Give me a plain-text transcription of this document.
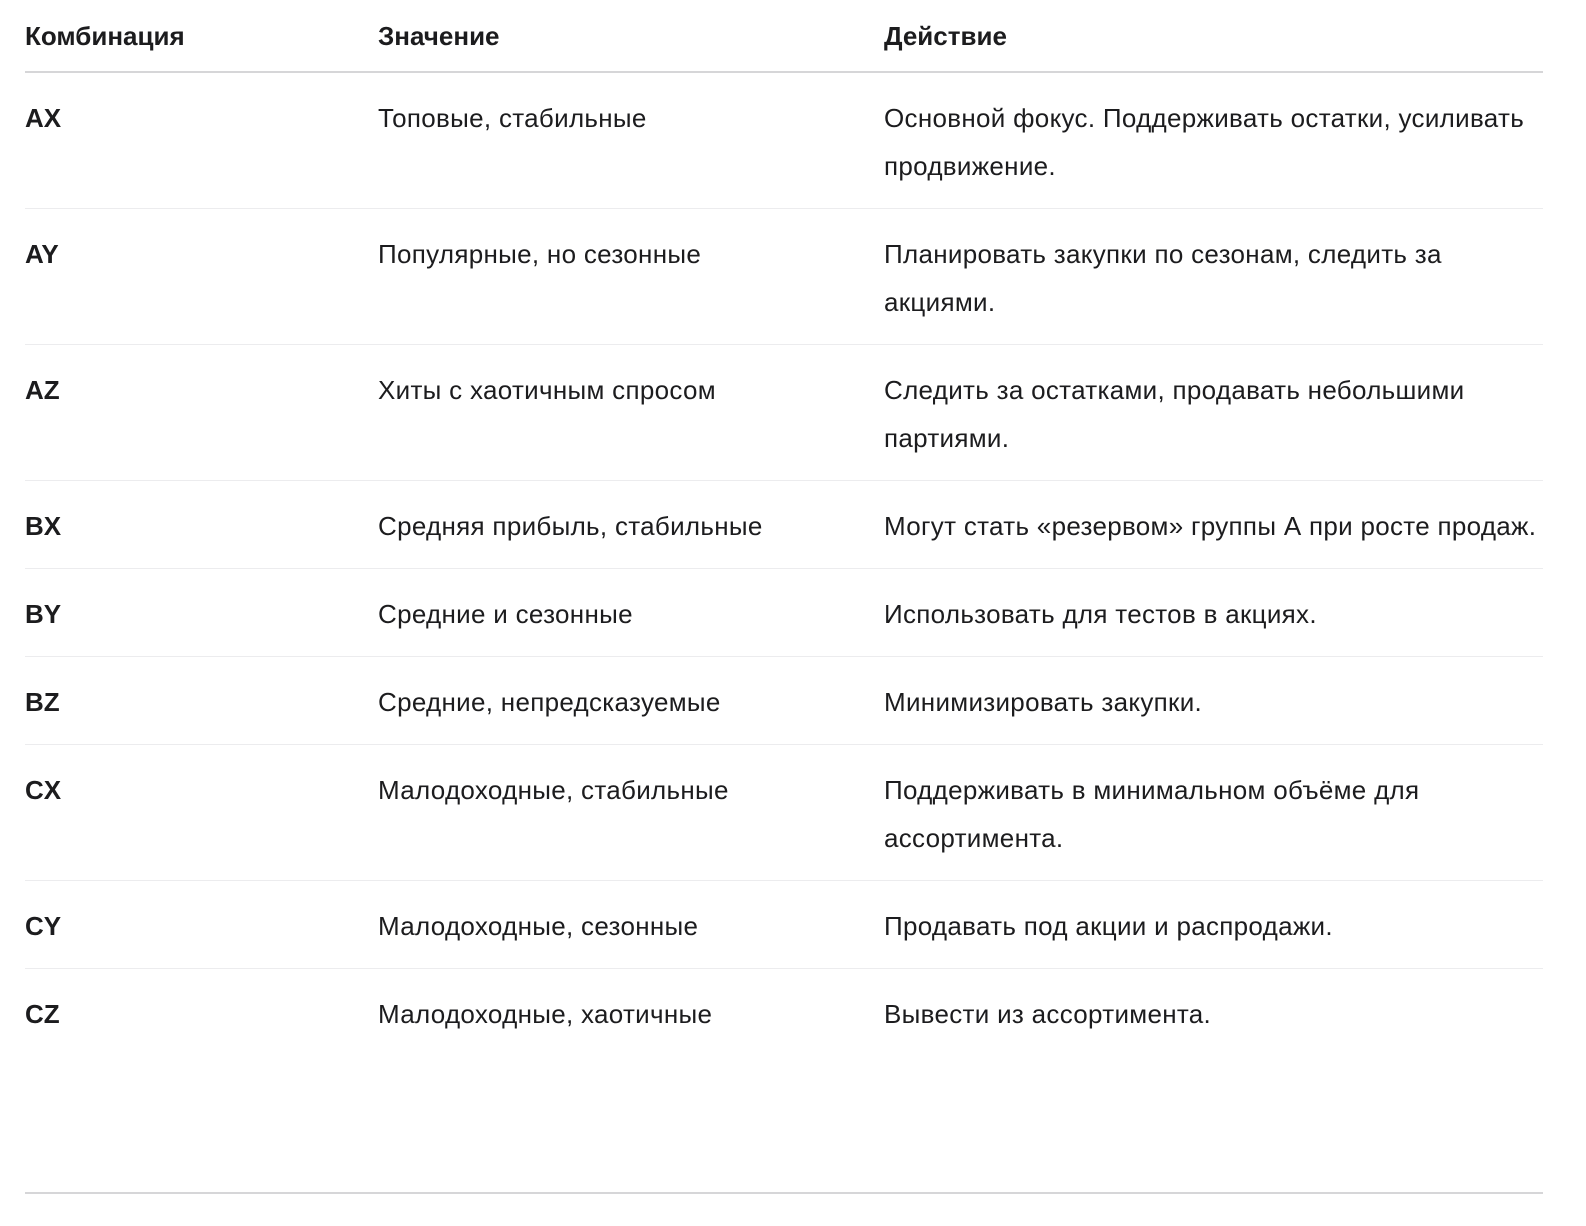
Комбинация	Значение	Действие
AX	Топовые, стабильные	Основной фокус. Поддерживать остатки, усиливать продвижение.
AY	Популярные, но сезонные	Планировать закупки по сезонам, следить за акциями.
AZ	Хиты с хаотичным спросом	Следить за остатками, продавать небольшими партиями.
BX	Средняя прибыль, стабильные	Могут стать «резервом» группы А при росте продаж.
BY	Средние и сезонные	Использовать для тестов в акциях.
BZ	Средние, непредсказуемые	Минимизировать закупки.
CX	Малодоходные, стабильные	Поддерживать в минимальном объёме для ассортимента.
CY	Малодоходные, сезонные	Продавать под акции и распродажи.
CZ	Малодоходные, хаотичные	Вывести из ассортимента.
